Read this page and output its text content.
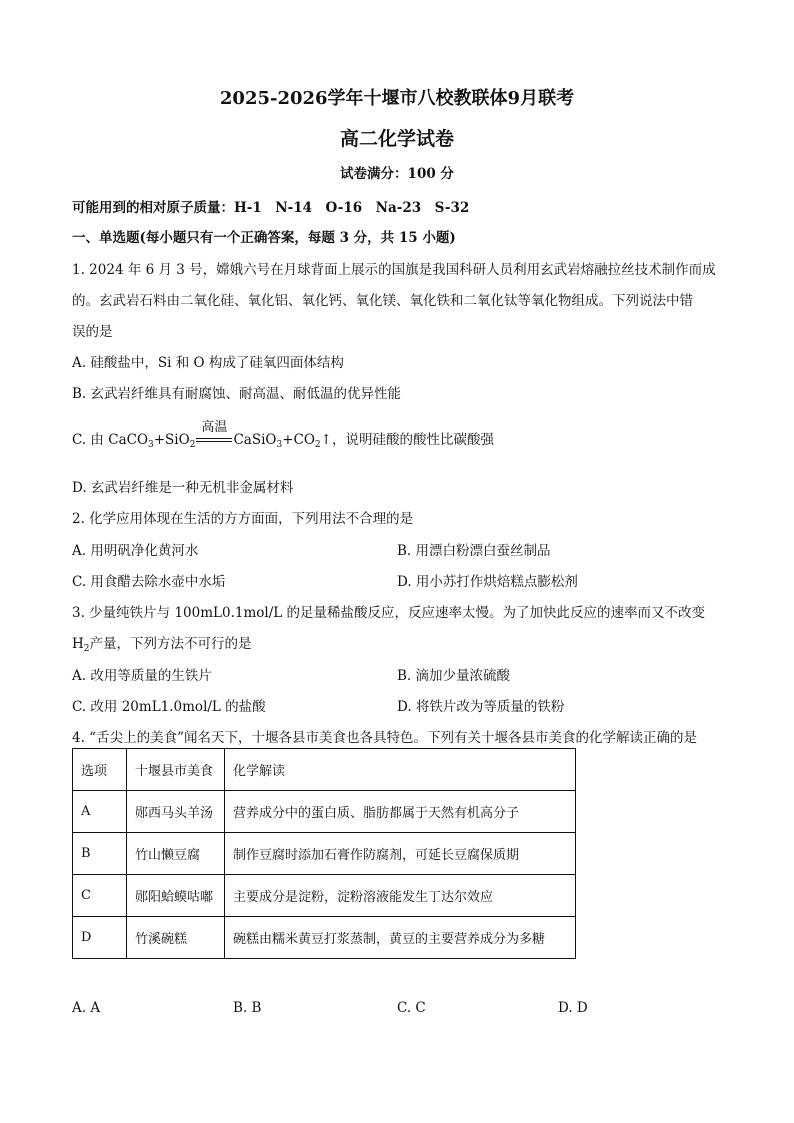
2025-2026学年十堰市八校教联体9月联考
高二化学试卷
试卷满分：100 分
可能用到的相对原子质量：H-1　N-14　O-16　Na-23　S-32
一、单选题(每小题只有一个正确答案，每题 3 分，共 15 小题)
1. 2024 年 6 月 3 号，嫦娥六号在月球背面上展示的国旗是我国科研人员利用玄武岩熔融拉丝技术制作而成
的。玄武岩石料由二氧化硅、氧化铝、氧化钙、氧化镁、氧化铁和二氧化钛等氧化物组成。下列说法中错
误的是
A. 硅酸盐中，Si 和 O 构成了硅氧四面体结构
B. 玄武岩纤维具有耐腐蚀、耐高温、耐低温的优异性能
C. 由 CaCO$_3$+SiO$_2$
高温
$CaSiO_3+CO_2↑$，说明硅酸的酸性比碳酸强
D. 玄武岩纤维是一种无机非金属材料
2. 化学应用体现在生活的方方面面，下列用法不合理的是
A. 用明矾净化黄河水	B. 用漂白粉漂白蚕丝制品
C. 用食醋去除水壶中水垢	D. 用小苏打作烘焙糕点膨松剂
3. 少量纯铁片与 100mL0.1mol/L 的足量稀盐酸反应，反应速率太慢。为了加快此反应的速率而又不改变
$H_2$产量，下列方法不可行的是
A. 改用等质量的生铁片	B. 滴加少量浓硫酸
C. 改用 20mL1.0mol/L 的盐酸	D. 将铁片改为等质量的铁粉
4. “舌尖上的美食”闻名天下，十堰各县市美食也各具特色。下列有关十堰各县市美食的化学解读正确的是
选项	十堰县市美食	化学解读
A	郧西马头羊汤	营养成分中的蛋白质、脂肪都属于天然有机高分子
B	竹山懒豆腐	制作豆腐时添加石膏作防腐剂，可延长豆腐保质期
C	郧阳蛤蟆咕嘟	主要成分是淀粉，淀粉溶液能发生丁达尔效应
D	竹溪碗糕	碗糕由糯米黄豆打浆蒸制，黄豆的主要营养成分为多糖
A. A	B. B	C. C	D. D
